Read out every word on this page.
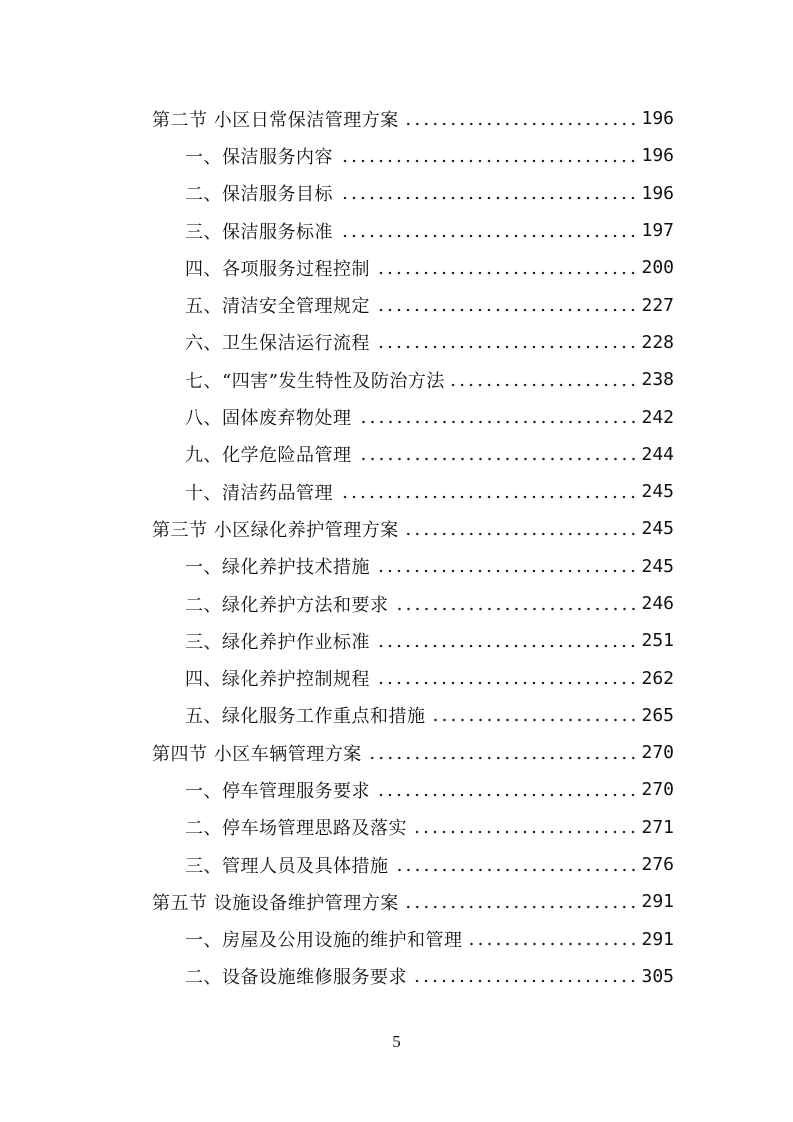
第二节 小区日常保洁管理方案	196
一、保洁服务内容	196
二、保洁服务目标	196
三、保洁服务标准	197
四、各项服务过程控制	200
五、清洁安全管理规定	227
六、卫生保洁运行流程	228
七、“四害”发生特性及防治方法	238
八、固体废弃物处理	242
九、化学危险品管理	244
十、清洁药品管理	245
第三节 小区绿化养护管理方案	245
一、绿化养护技术措施	245
二、绿化养护方法和要求	246
三、绿化养护作业标准	251
四、绿化养护控制规程	262
五、绿化服务工作重点和措施	265
第四节 小区车辆管理方案	270
一、停车管理服务要求	270
二、停车场管理思路及落实	271
三、管理人员及具体措施	276
第五节 设施设备维护管理方案	291
一、房屋及公用设施的维护和管理	291
二、设备设施维修服务要求	305
5
